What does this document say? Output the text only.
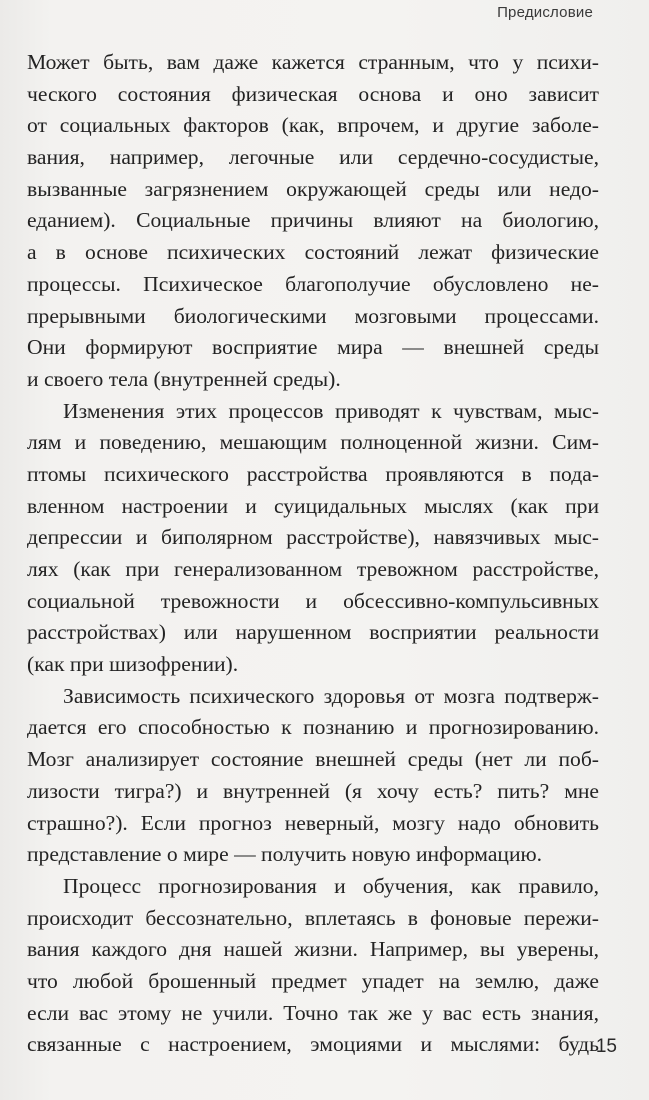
Предисловие
Может быть, вам даже кажется странным, что у психи-
ческого состояния физическая основа и оно зависит
от социальных факторов (как, впрочем, и другие заболе-
вания, например, легочные или сердечно-сосудистые,
вызванные загрязнением окружающей среды или недо-
еданием). Социальные причины влияют на биологию,
а в основе психических состояний лежат физические
процессы. Психическое благополучие обусловлено не-
прерывными биологическими мозговыми процессами.
Они формируют восприятие мира — внешней среды
и своего тела (внутренней среды).
Изменения этих процессов приводят к чувствам, мыс-
лям и поведению, мешающим полноценной жизни. Сим-
птомы психического расстройства проявляются в пода-
вленном настроении и суицидальных мыслях (как при
депрессии и биполярном расстройстве), навязчивых мыс-
лях (как при генерализованном тревожном расстройстве,
социальной тревожности и обсессивно-компульсивных
расстройствах) или нарушенном восприятии реальности
(как при шизофрении).
Зависимость психического здоровья от мозга подтверж-
дается его способностью к познанию и прогнозированию.
Мозг анализирует состояние внешней среды (нет ли поб-
лизости тигра?) и внутренней (я хочу есть? пить? мне
страшно?). Если прогноз неверный, мозгу надо обновить
представление о мире — получить новую информацию.
Процесс прогнозирования и обучения, как правило,
происходит бессознательно, вплетаясь в фоновые пережи-
вания каждого дня нашей жизни. Например, вы уверены,
что любой брошенный предмет упадет на землю, даже
если вас этому не учили. Точно так же у вас есть знания,
связанные с настроением, эмоциями и мыслями: будь
15
